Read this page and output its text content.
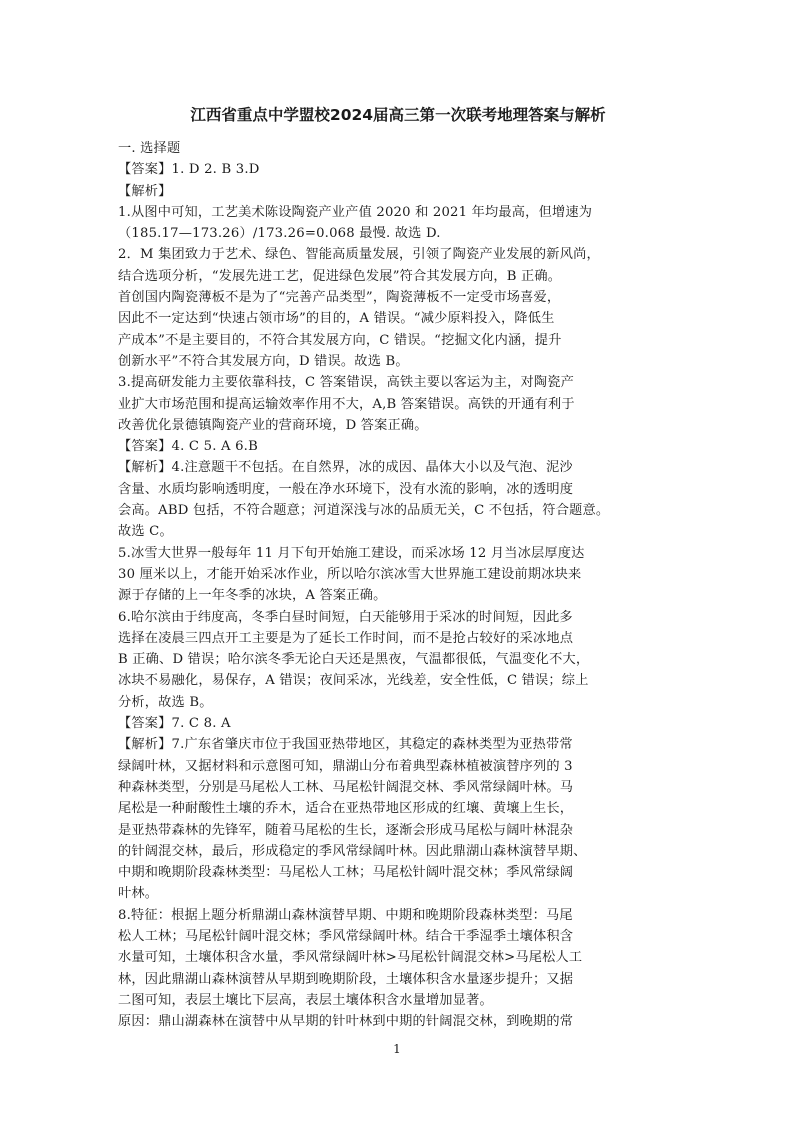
江西省重点中学盟校2024届高三第一次联考地理答案与解析
一. 选择题
【答案】1. D 2. B 3.D
【解析】
1.从图中可知，工艺美术陈设陶瓷产业产值 2020 和 2021 年均最高，但增速为
（185.17—173.26）/173.26=0.068 最慢. 故选 D.
2．M 集团致力于艺术、绿色、智能高质量发展，引领了陶瓷产业发展的新风尚，
结合选项分析，“发展先进工艺，促进绿色发展”符合其发展方向，B 正确。
首创国内陶瓷薄板不是为了“完善产品类型”，陶瓷薄板不一定受市场喜爱，
因此不一定达到“快速占领市场”的目的，A 错误。“减少原料投入，降低生
产成本”不是主要目的，不符合其发展方向，C 错误。“挖掘文化内涵，提升
创新水平”不符合其发展方向，D 错误。故选 B。
3.提高研发能力主要依靠科技，C 答案错误，高铁主要以客运为主，对陶瓷产
业扩大市场范围和提高运输效率作用不大，A,B 答案错误。高铁的开通有利于
改善优化景德镇陶瓷产业的营商环境，D 答案正确。
【答案】4. C 5. A 6.B
【解析】4.注意题干不包括。在自然界，冰的成因、晶体大小以及气泡、泥沙
含量、水质均影响透明度，一般在净水环境下，没有水流的影响，冰的透明度
会高。ABD 包括，不符合题意；河道深浅与冰的品质无关，C 不包括，符合题意。
故选 C。
5.冰雪大世界一般每年 11 月下旬开始施工建设，而采冰场 12 月当冰层厚度达
30 厘米以上，才能开始采冰作业，所以哈尔滨冰雪大世界施工建设前期冰块来
源于存储的上一年冬季的冰块，A 答案正确。
6.哈尔滨由于纬度高，冬季白昼时间短，白天能够用于采冰的时间短，因此多
选择在凌晨三四点开工主要是为了延长工作时间，而不是抢占较好的采冰地点
B 正确、D 错误；哈尔滨冬季无论白天还是黑夜，气温都很低，气温变化不大，
冰块不易融化，易保存，A 错误；夜间采冰，光线差，安全性低，C 错误；综上
分析，故选 B。
【答案】7. C 8. A
【解析】7.广东省肇庆市位于我国亚热带地区，其稳定的森林类型为亚热带常
绿阔叶林，又据材料和示意图可知，鼎湖山分布着典型森林植被演替序列的 3
种森林类型，分别是马尾松人工林、马尾松针阔混交林、季风常绿阔叶林。马
尾松是一种耐酸性土壤的乔木，适合在亚热带地区形成的红壤、黄壤上生长，
是亚热带森林的先锋军，随着马尾松的生长，逐渐会形成马尾松与阔叶林混杂
的针阔混交林，最后，形成稳定的季风常绿阔叶林。因此鼎湖山森林演替早期、
中期和晚期阶段森林类型：马尾松人工林；马尾松针阔叶混交林；季风常绿阔
叶林。
8.特征：根据上题分析鼎湖山森林演替早期、中期和晚期阶段森林类型：马尾
松人工林；马尾松针阔叶混交林；季风常绿阔叶林。结合干季湿季土壤体积含
水量可知，土壤体积含水量，季风常绿阔叶林>马尾松针阔混交林>马尾松人工
林，因此鼎湖山森林演替从早期到晚期阶段，土壤体积含水量逐步提升；又据
二图可知，表层土壤比下层高，表层土壤体积含水量增加显著。
原因：鼎山湖森林在演替中从早期的针叶林到中期的针阔混交林，到晚期的常
1
